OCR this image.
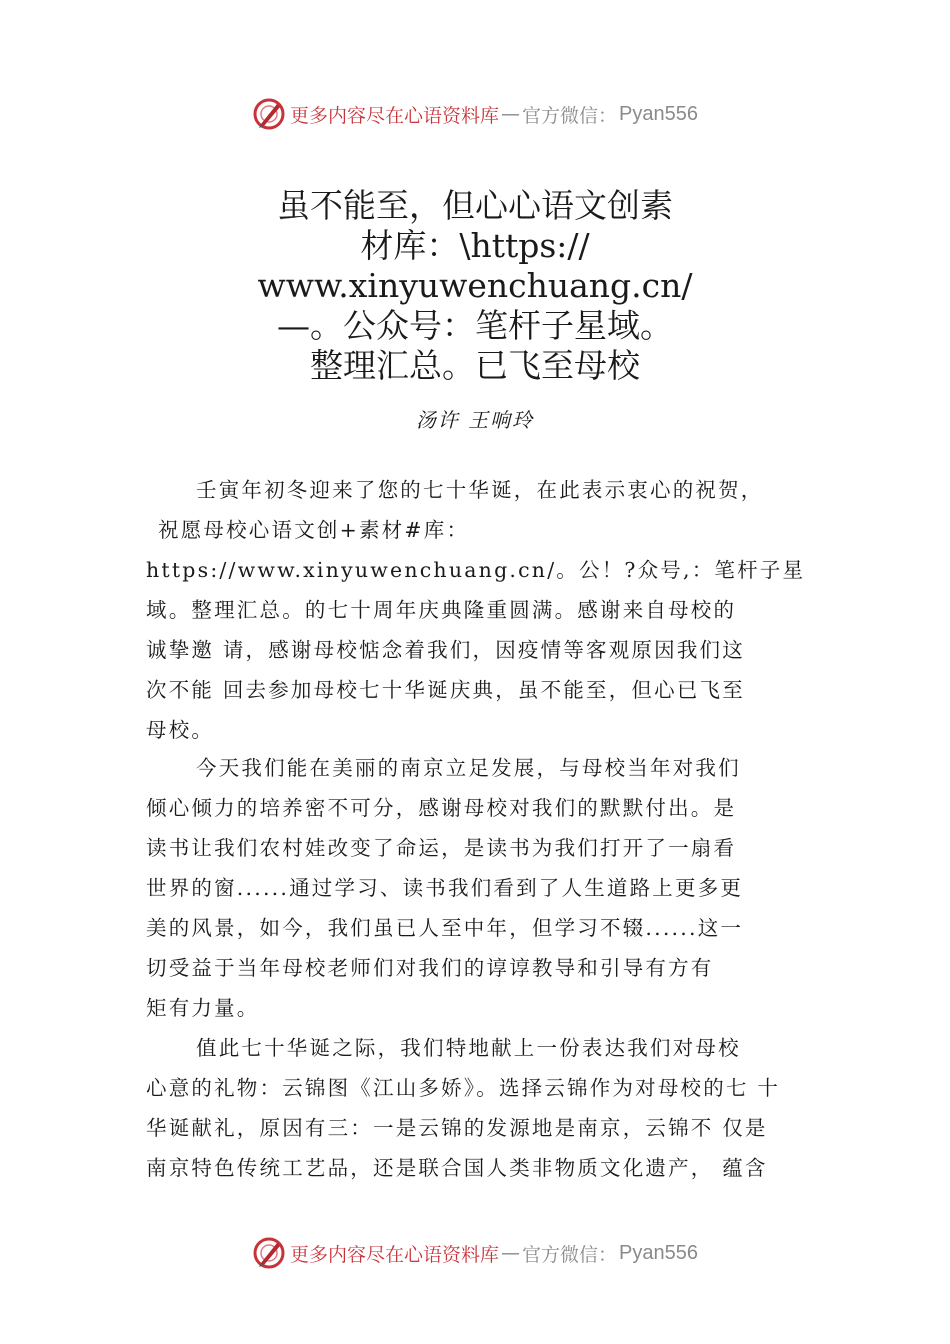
更多内容尽在心语资料库 — 官方微信： Pyan556
虽不能至，但心心语文创素
材库：\https://
www.xinyuwenchuang.cn/
—。公众号：笔杆子星域。
整理汇总。已飞至母校
汤许 王响玲
壬寅年初冬迎来了您的七十华诞，在此表示衷心的祝贺，
祝愿母校心语文创+素材#库：
https://www.xinyuwenchuang.cn/。公！?众号,：笔杆子星
域。整理汇总。的七十周年庆典隆重圆满。感谢来自母校的
诚挚邀 请，感谢母校惦念着我们，因疫情等客观原因我们这
次不能 回去参加母校七十华诞庆典，虽不能至，但心已飞至
母校。
今天我们能在美丽的南京立足发展，与母校当年对我们
倾心倾力的培养密不可分，感谢母校对我们的默默付出。是
读书让我们农村娃改变了命运，是读书为我们打开了一扇看
世界的窗......通过学习、读书我们看到了人生道路上更多更
美的风景，如今，我们虽已人至中年，但学习不辍......这一
切受益于当年母校老师们对我们的谆谆教导和引导有方有
矩有力量。
值此七十华诞之际，我们特地献上一份表达我们对母校
心意的礼物：云锦图《江山多娇》。选择云锦作为对母校的七 十
华诞献礼，原因有三：一是云锦的发源地是南京，云锦不 仅是
南京特色传统工艺品，还是联合国人类非物质文化遗产， 蕴含
更多内容尽在心语资料库 — 官方微信： Pyan556
